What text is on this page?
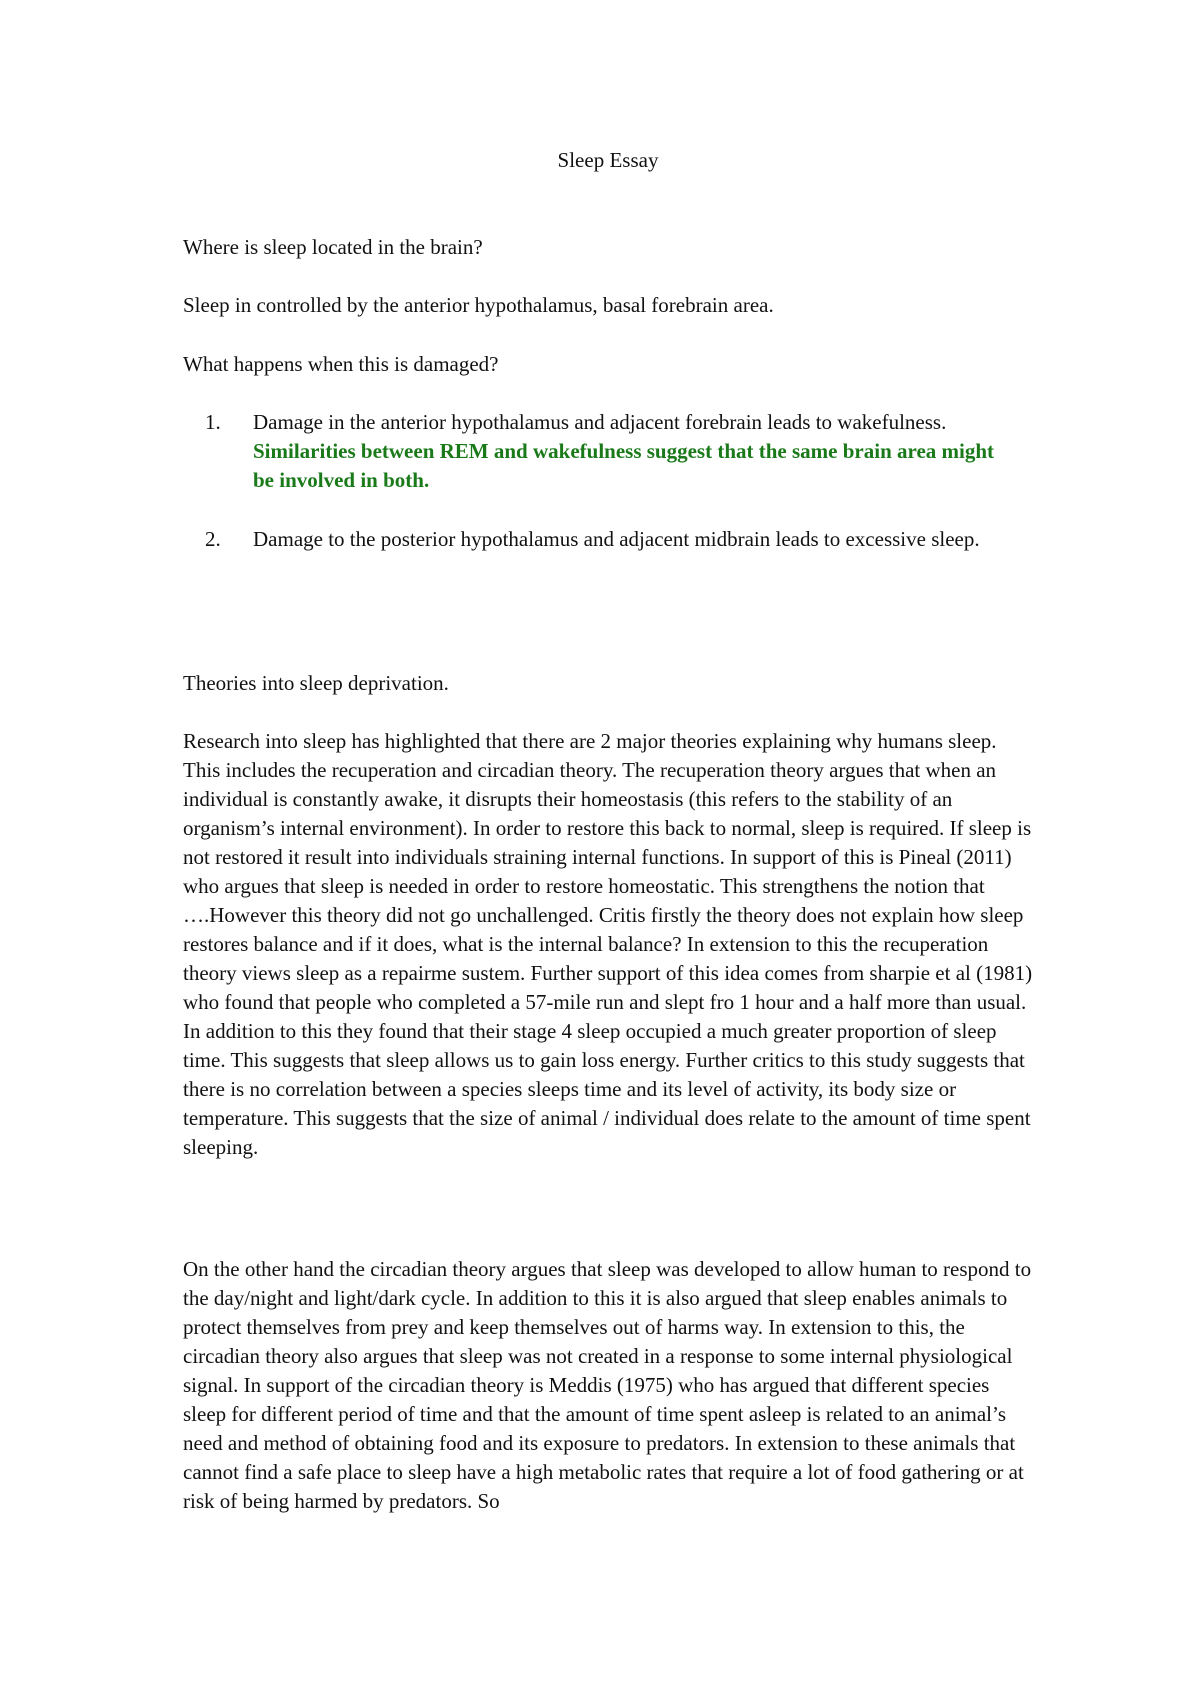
Sleep Essay

Where is sleep located in the brain?

Sleep in controlled by the anterior hypothalamus, basal forebrain area.

What happens when this is damaged?

1. Damage in the anterior hypothalamus and adjacent forebrain leads to wakefulness. Similarities between REM and wakefulness suggest that the same brain area might be involved in both.
2. Damage to the posterior hypothalamus and adjacent midbrain leads to excessive sleep.

Theories into sleep deprivation.

Research into sleep has highlighted that there are 2 major theories explaining why humans sleep. This includes the recuperation and circadian theory. The recuperation theory argues that when an individual is constantly awake, it disrupts their homeostasis (this refers to the stability of an organism’s internal environment). In order to restore this back to normal, sleep is required. If sleep is not restored it result into individuals straining internal functions. In support of this is Pineal (2011) who argues that sleep is needed in order to restore homeostatic. This strengthens the notion that ….However this theory did not go unchallenged. Critis firstly the theory does not explain how sleep restores balance and if it does, what is the internal balance? In extension to this the recuperation theory views sleep as a repairme sustem. Further support of this idea comes from sharpie et al (1981) who found that people who completed a 57-mile run and slept fro 1 hour and a half more than usual. In addition to this they found that their stage 4 sleep occupied a much greater proportion of sleep time. This suggests that sleep allows us to gain loss energy. Further critics to this study suggests that there is no correlation between a species sleeps time and its level of activity, its body size or temperature. This suggests that the size of animal / individual does relate to the amount of time spent sleeping.

On the other hand the circadian theory argues that sleep was developed to allow human to respond to the day/night and light/dark cycle. In addition to this it is also argued that sleep enables animals to protect themselves from prey and keep themselves out of harms way. In extension to this, the circadian theory also argues that sleep was not created in a response to some internal physiological signal. In support of the circadian theory is Meddis (1975) who has argued that different species sleep for different period of time and that the amount of time spent asleep is related to an animal’s need and method of obtaining food and its exposure to predators. In extension to these animals that cannot find a safe place to sleep have a high metabolic rates that require a lot of food gathering or at risk of being harmed by predators. So
